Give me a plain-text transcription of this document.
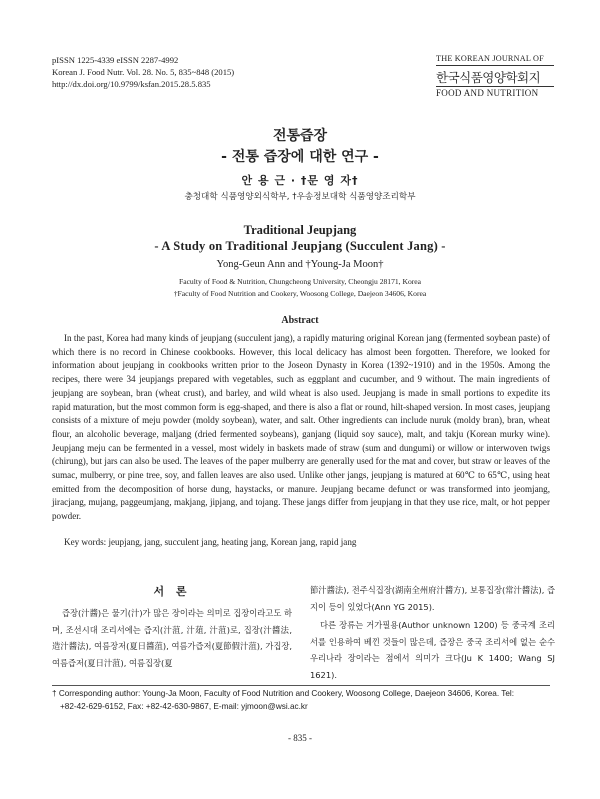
pISSN 1225-4339 eISSN 2287-4992
Korean J. Food Nutr. Vol. 28. No. 5, 835~848 (2015)
http://dx.doi.org/10.9799/ksfan.2015.28.5.835
THE KOREAN JOURNAL OF
한국식품영양학회지
FOOD AND NUTRITION
전통즙장
- 전통 즙장에 대한 연구 -
안 용 근 · †문 영 자†
충청대학 식품영양외식학부, †우송정보대학 식품영양조리학부
Traditional Jeupjang
- A Study on Traditional Jeupjang (Succulent Jang) -
Yong-Geun Ann and †Young-Ja Moon†
Faculty of Food & Nutrition, Chungcheong University, Cheongju 28171, Korea
†Faculty of Food Nutrition and Cookery, Woosong College, Daejeon 34606, Korea
Abstract
In the past, Korea had many kinds of jeupjang (succulent jang), a rapidly maturing original Korean jang (fermented soybean paste) of which there is no record in Chinese cookbooks. However, this local delicacy has almost been forgotten. Therefore, we looked for information about jeupjang in cookbooks written prior to the Joseon Dynasty in Korea (1392~1910) and in the 1950s. Among the recipes, there were 34 jeupjangs prepared with vegetables, such as eggplant and cucumber, and 9 without. The main ingredients of jeupjang are soybean, bran (wheat crust), and barley, and wild wheat is also used. Jeupjang is made in small portions to expedite its rapid maturation, but the most common form is egg-shaped, and there is also a flat or round, hilt-shaped version. In most cases, jeupjang consists of a mixture of meju powder (moldy soybean), water, and salt. Other ingredients can include nuruk (moldy bran), bran, wheat flour, an alcoholic beverage, maljang (dried fermented soybeans), ganjang (liquid soy sauce), malt, and takju (Korean murky wine). Jeupjang meju can be fermented in a vessel, most widely in baskets made of straw (sum and dungumi) or willow or interwoven twigs (chirung), but jars can also be used. The leaves of the paper mulberry are generally used for the mat and cover, but straw or leaves of the sumac, mulberry, or pine tree, soy, and fallen leaves are also used. Unlike other jangs, jeupjang is matured at 60℃ to 65℃, using heat emitted from the decomposition of horse dung, haystacks, or manure. Jeupjang became defunct or was transformed into jeomjang, jiracjang, mujang, paggeumjang, makjang, jipjang, and tojang. These jangs differ from jeupjang in that they use rice, malt, or hot pepper powder.
Key words: jeupjang, jang, succulent jang, heating jang, Korean jang, rapid jang
서 론
즙장(汁醬)은 물기(汁)가 많은 장이라는 의미로 집장이라고도 하며, 조선시대 조리서에는 즙지(汁菹, 汁葅, 汁菹)로, 집장(汁醬法, 造汁醬法), 여름장저(夏日醬菹), 여름가즙저(夏節假汁菹), 가집장, 여름즙저(夏日汁菹), 여름집장(夏
節汁醬法), 전주식집장(湖南全州府汁醬方), 보통집장(常汁醬法), 즙지이 등이 있었다(Ann YG 2015).
다른 장류는 거가필용(Author unknown 1200) 등 중국계 조리서를 인용하여 베낀 것들이 많은데, 즙장은 중국 조리서에 없는 순수 우리나라 장이라는 점에서 의미가 크다(Ju K 1400; Wang SJ 1621).
† Corresponding author: Young-Ja Moon, Faculty of Food Nutrition and Cookery, Woosong College, Daejeon 34606, Korea. Tel:
+82-42-629-6152, Fax: +82-42-630-9867, E-mail: yjmoon@wsi.ac.kr
- 835 -
